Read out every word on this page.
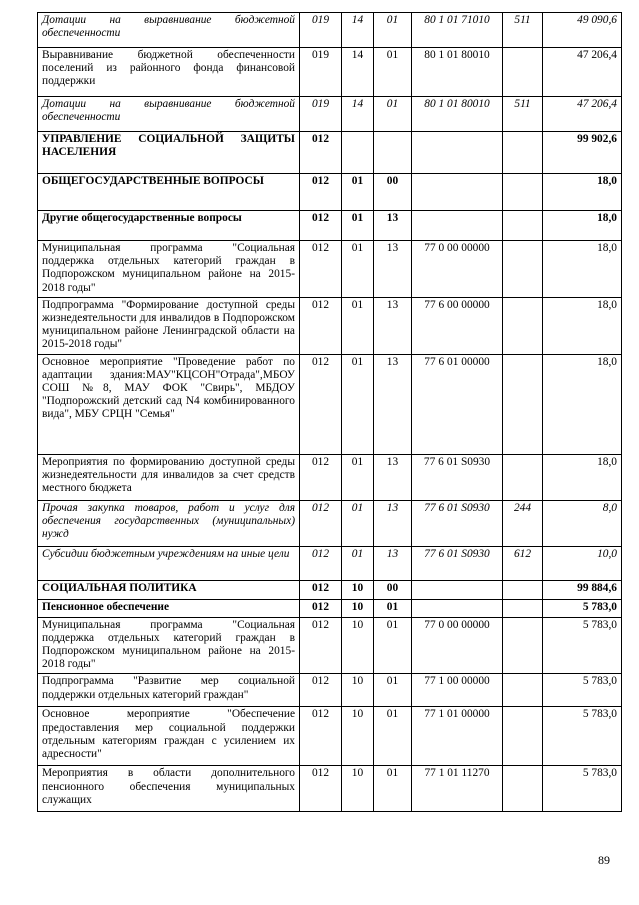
Дотации на выравнивание бюджетной обеспеченности	019	14	01	80 1 01 71010	511	49 090,6
Выравнивание бюджетной обеспеченности поселений из районного фонда финансовой поддержки	019	14	01	80 1 01 80010		47 206,4
Дотации на выравнивание бюджетной обеспеченности	019	14	01	80 1 01 80010	511	47 206,4
УПРАВЛЕНИЕ СОЦИАЛЬНОЙ ЗАЩИТЫ НАСЕЛЕНИЯ	012					99 902,6
ОБЩЕГОСУДАРСТВЕННЫЕ ВОПРОСЫ	012	01	00			18,0
Другие общегосударственные вопросы	012	01	13			18,0
Муниципальная программа "Социальная поддержка отдельных категорий граждан в Подпорожском муниципальном районе на 2015-2018 годы"	012	01	13	77 0 00 00000		18,0
Подпрограмма "Формирование доступной среды жизнедеятельности для инвалидов в Подпорожском муниципальном районе Ленинградской области на 2015-2018 годы"	012	01	13	77 6 00 00000		18,0
Основное мероприятие "Проведение работ по адаптации здания:МАУ"КЦСОН"Отрада",МБОУ СОШ №8, МАУ ФОК "Свирь", МБДОУ "Подпорожский детский сад N4 комбинированного вида", МБУ СРЦН "Семья"	012	01	13	77 6 01 00000		18,0
Мероприятия по формированию доступной среды жизнедеятельности для инвалидов за счет средств местного бюджета	012	01	13	77 6 01 S0930		18,0
Прочая закупка товаров, работ и услуг для обеспечения государственных (муниципальных) нужд	012	01	13	77 6 01 S0930	244	8,0
Субсидии бюджетным учреждениям на иные цели	012	01	13	77 6 01 S0930	612	10,0
СОЦИАЛЬНАЯ ПОЛИТИКА	012	10	00			99 884,6
Пенсионное обеспечение	012	10	01			5 783,0
Муниципальная программа "Социальная поддержка отдельных категорий граждан в Подпорожском муниципальном районе на 2015-2018 годы"	012	10	01	77 0 00 00000		5 783,0
Подпрограмма "Развитие мер социальной поддержки отдельных категорий граждан"	012	10	01	77 1 00 00000		5 783,0
Основное мероприятие "Обеспечение предоставления мер социальной поддержки отдельным категориям граждан с усилением их адресности"	012	10	01	77 1 01 00000		5 783,0
Мероприятия в области дополнительного пенсионного обеспечения муниципальных служащих	012	10	01	77 1 01 11270		5 783,0
89
